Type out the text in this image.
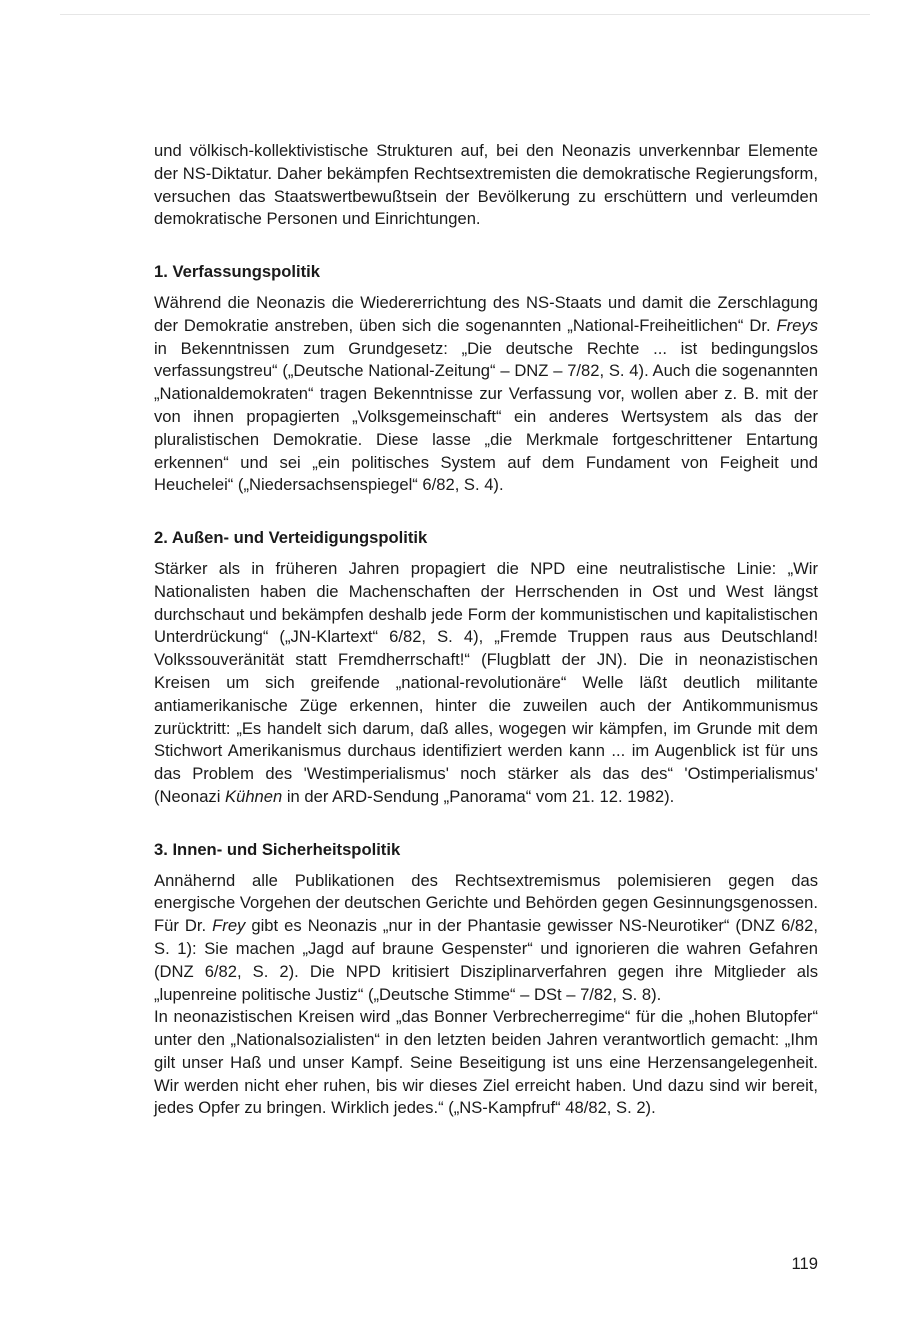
und völkisch-kollektivistische Strukturen auf, bei den Neonazis unverkennbar Elemente der NS-Diktatur. Daher bekämpfen Rechtsextremisten die demokratische Regierungsform, versuchen das Staatswertbewußtsein der Bevölkerung zu erschüttern und verleumden demokratische Personen und Einrichtungen.

1. Verfassungspolitik

Während die Neonazis die Wiedererrichtung des NS-Staats und damit die Zerschlagung der Demokratie anstreben, üben sich die sogenannten „National-Freiheitlichen“ Dr. Freys in Bekenntnissen zum Grundgesetz: „Die deutsche Rechte ... ist bedingungslos verfassungstreu“ („Deutsche National-Zeitung“ – DNZ – 7/82, S. 4). Auch die sogenannten „Nationaldemokraten“ tragen Bekenntnisse zur Verfassung vor, wollen aber z. B. mit der von ihnen propagierten „Volksgemeinschaft“ ein anderes Wertsystem als das der pluralistischen Demokratie. Diese lasse „die Merkmale fortgeschrittener Entartung erkennen“ und sei „ein politisches System auf dem Fundament von Feigheit und Heuchelei“ („Niedersachsenspiegel“ 6/82, S. 4).

2. Außen- und Verteidigungspolitik

Stärker als in früheren Jahren propagiert die NPD eine neutralistische Linie: „Wir Nationalisten haben die Machenschaften der Herrschenden in Ost und West längst durchschaut und bekämpfen deshalb jede Form der kommunistischen und kapitalistischen Unterdrückung“ („JN-Klartext“ 6/82, S. 4), „Fremde Truppen raus aus Deutschland! Volkssouveränität statt Fremdherrschaft!“ (Flugblatt der JN). Die in neonazistischen Kreisen um sich greifende „national-revolutionäre“ Welle läßt deutlich militante antiamerikanische Züge erkennen, hinter die zuweilen auch der Antikommunismus zurücktritt: „Es handelt sich darum, daß alles, wogegen wir kämpfen, im Grunde mit dem Stichwort Amerikanismus durchaus identifiziert werden kann ... im Augenblick ist für uns das Problem des 'Westimperialismus' noch stärker als das des“ 'Ostimperialismus' (Neonazi Kühnen in der ARD-Sendung „Panorama“ vom 21. 12. 1982).

3. Innen- und Sicherheitspolitik

Annähernd alle Publikationen des Rechtsextremismus polemisieren gegen das energische Vorgehen der deutschen Gerichte und Behörden gegen Gesinnungsgenossen. Für Dr. Frey gibt es Neonazis „nur in der Phantasie gewisser NS-Neurotiker“ (DNZ 6/82, S. 1): Sie machen „Jagd auf braune Gespenster“ und ignorieren die wahren Gefahren (DNZ 6/82, S. 2). Die NPD kritisiert Disziplinarverfahren gegen ihre Mitglieder als „lupenreine politische Justiz“ („Deutsche Stimme“ – DSt – 7/82, S. 8).

In neonazistischen Kreisen wird „das Bonner Verbrecherregime“ für die „hohen Blutopfer“ unter den „Nationalsozialisten“ in den letzten beiden Jahren verantwortlich gemacht: „Ihm gilt unser Haß und unser Kampf. Seine Beseitigung ist uns eine Herzensangelegenheit. Wir werden nicht eher ruhen, bis wir dieses Ziel erreicht haben. Und dazu sind wir bereit, jedes Opfer zu bringen. Wirklich jedes.“ („NS-Kampfruf“ 48/82, S. 2).

119
